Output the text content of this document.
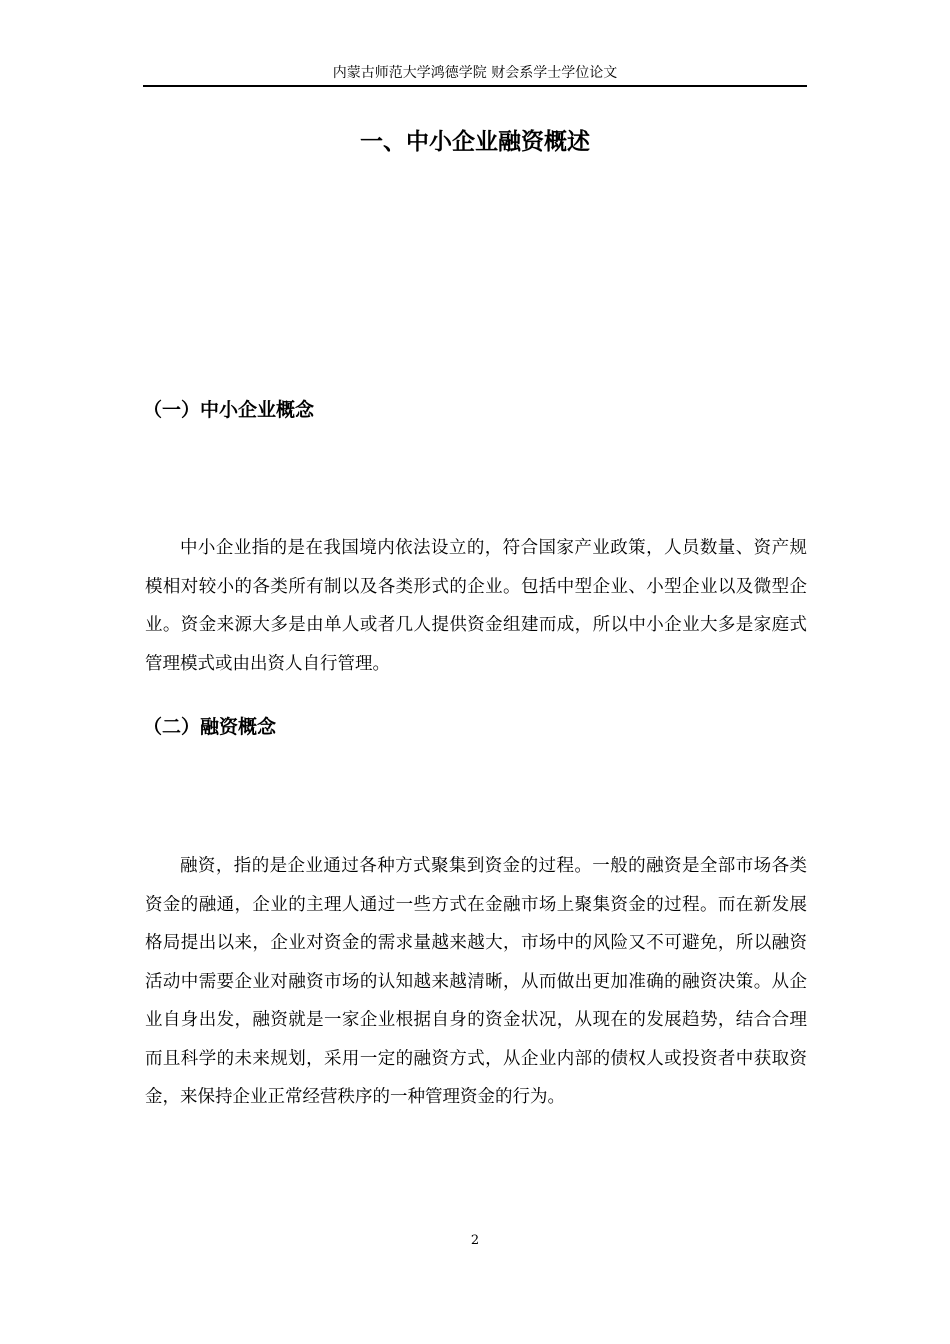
内蒙古师范大学鸿德学院 财会系学士学位论文
一、中小企业融资概述
（一）中小企业概念

中小企业指的是在我国境内依法设立的，符合国家产业政策，人员数量、资产规模相对较小的各类所有制以及各类形式的企业。包括中型企业、小型企业以及微型企业。资金来源大多是由单人或者几人提供资金组建而成，所以中小企业大多是家庭式管理模式或由出资人自行管理。

（二）融资概念

融资，指的是企业通过各种方式聚集到资金的过程。一般的融资是全部市场各类资金的融通，企业的主理人通过一些方式在金融市场上聚集资金的过程。而在新发展格局提出以来，企业对资金的需求量越来越大，市场中的风险又不可避免，所以融资活动中需要企业对融资市场的认知越来越清晰，从而做出更加准确的融资决策。从企业自身出发，融资就是一家企业根据自身的资金状况，从现在的发展趋势，结合合理而且科学的未来规划，采用一定的融资方式，从企业内部的债权人或投资者中获取资金，来保持企业正常经营秩序的一种管理资金的行为。

2
